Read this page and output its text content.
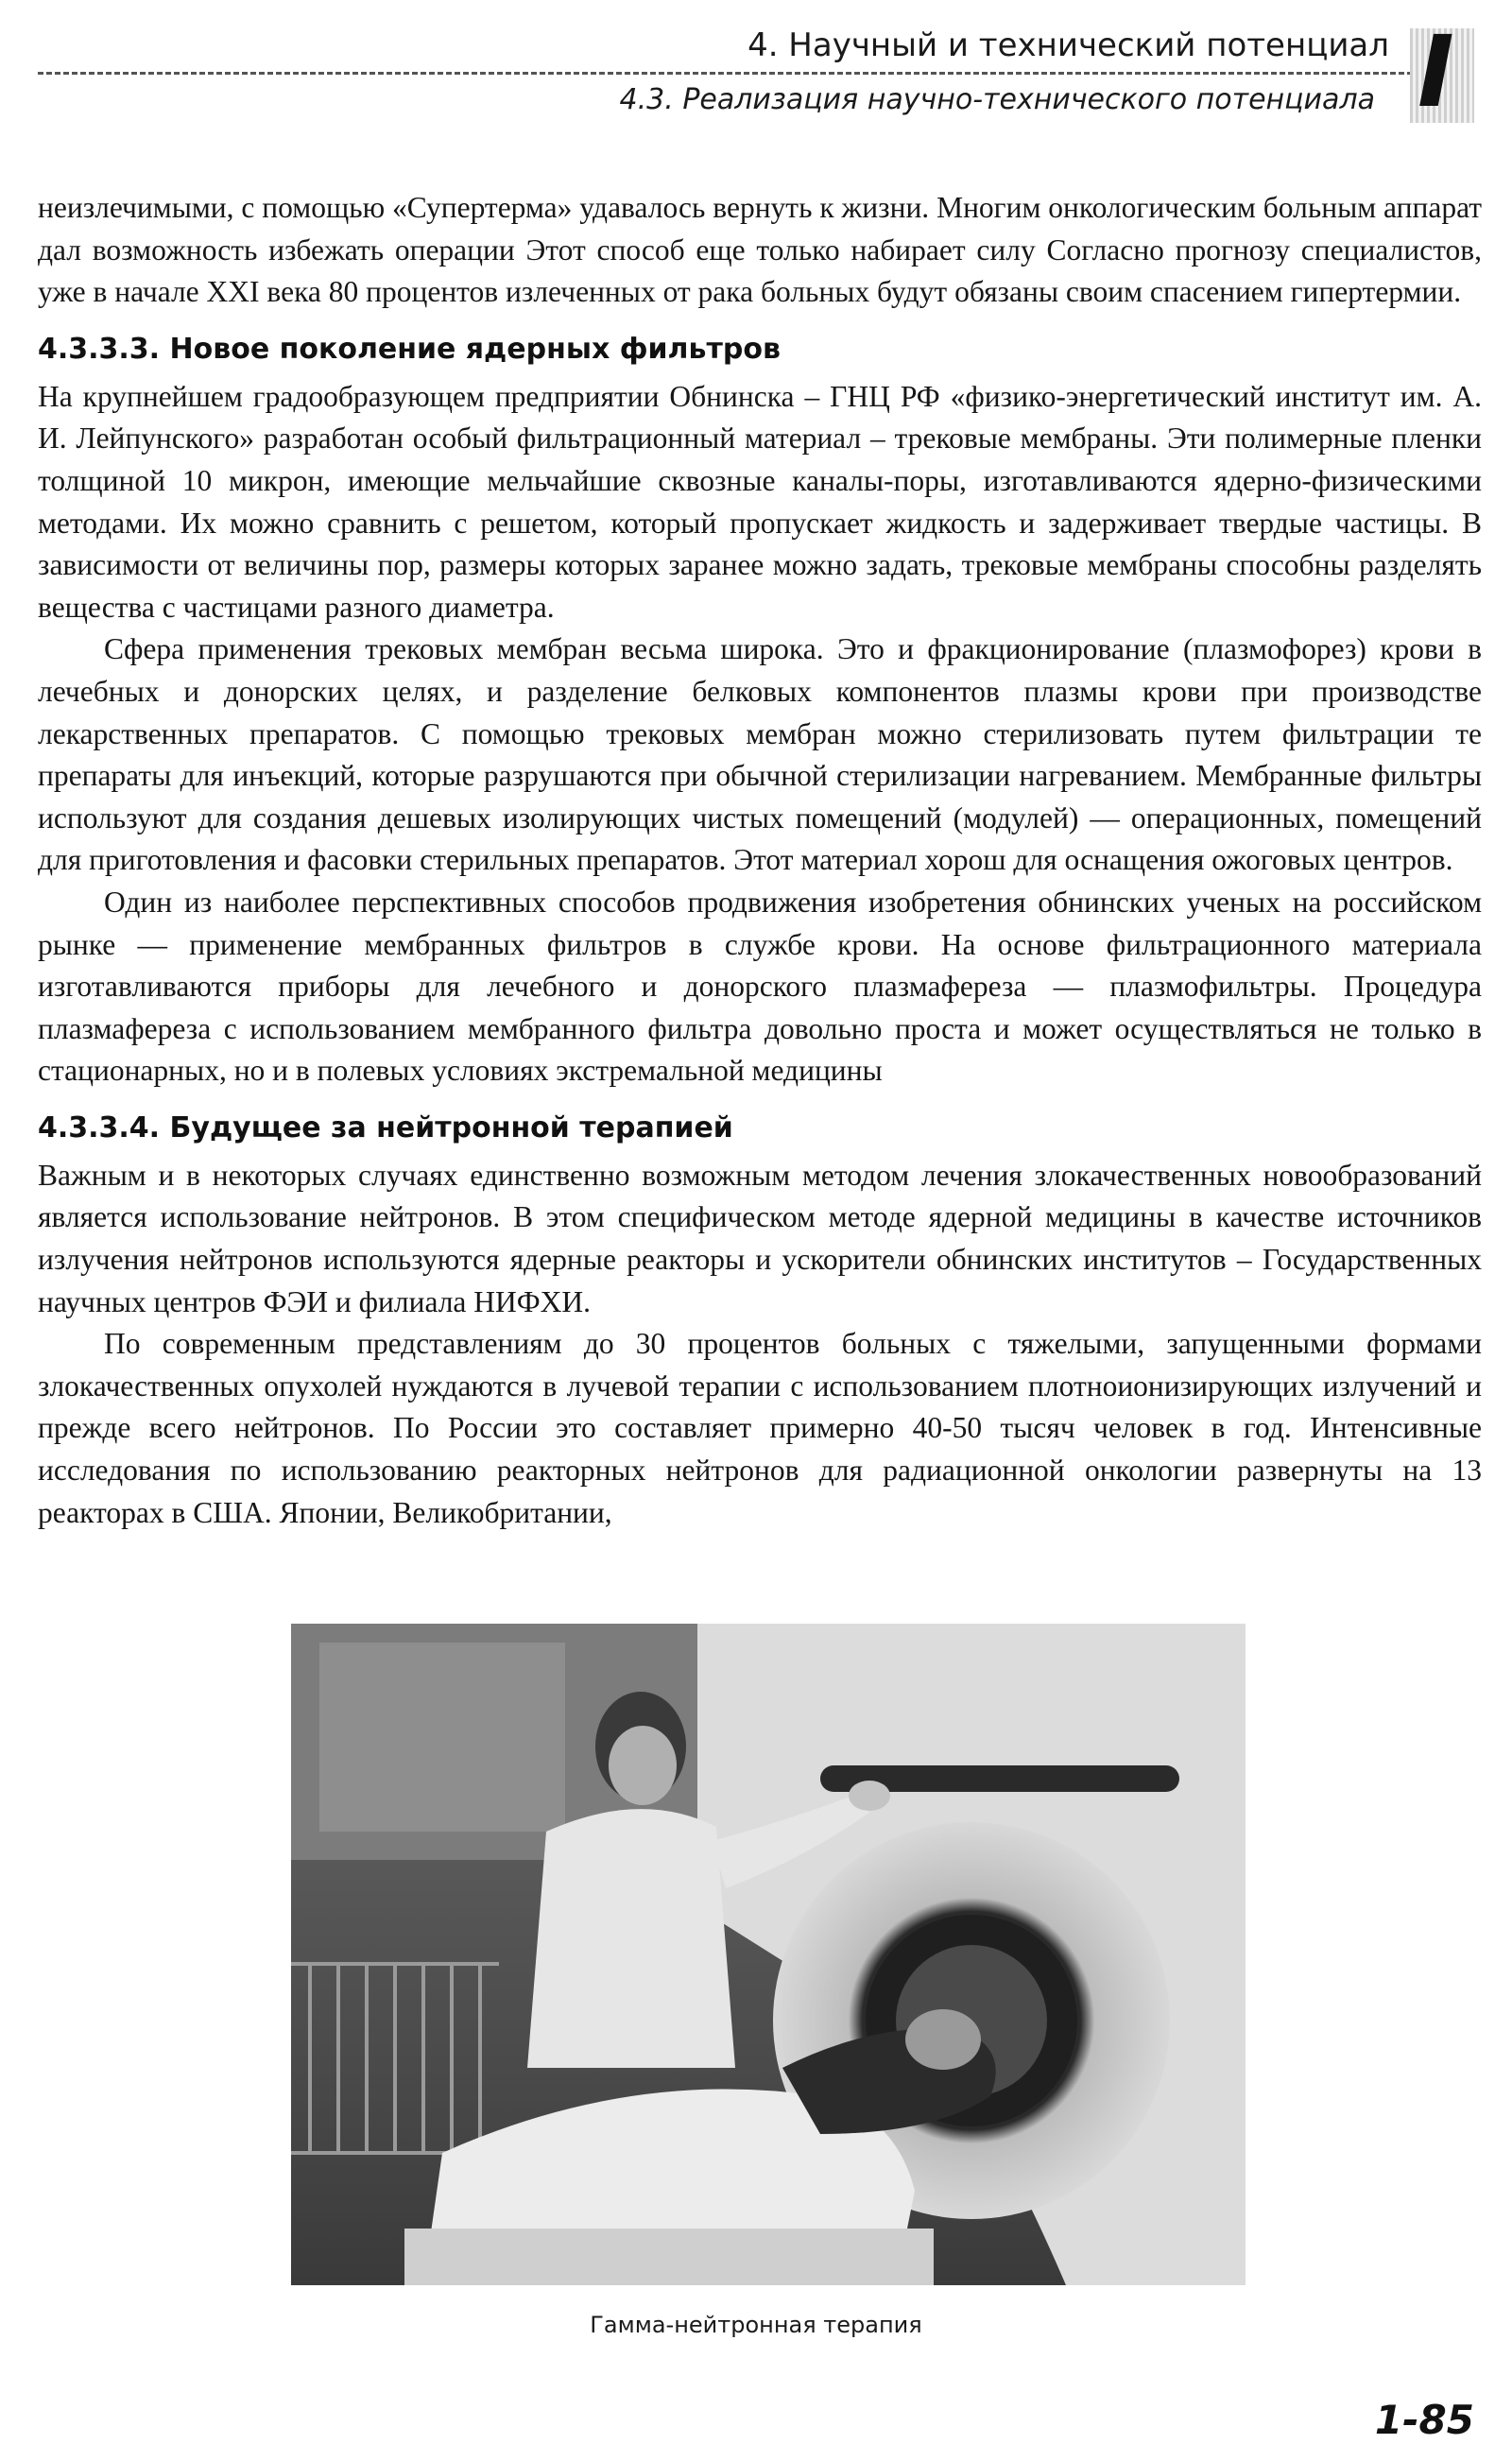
4. Научный и технический потенциал
4.3. Реализация научно-технического потенциала I

неизлечимыми, с помощью «Супертерма» удавалось вернуть к жизни. Многим онкологическим больным аппарат дал возможность избежать операции Этот способ еще только набирает силу Согласно прогнозу специалистов, уже в начале XXI века 80 процентов излеченных от рака больных будут обязаны своим спасением гипертермии.

4.3.3.3. Новое поколение ядерных фильтров

На крупнейшем градообразующем предприятии Обнинска – ГНЦ РФ «физико-энергетический институт им. А. И. Лейпунского» разработан особый фильтрационный материал – трековые мембраны. Эти полимерные пленки толщиной 10 микрон, имеющие мельчайшие сквозные каналы-поры, изготавливаются ядерно-физическими методами. Их можно сравнить с решетом, который пропускает жидкость и задерживает твердые частицы. В зависимости от величины пор, размеры которых заранее можно задать, трековые мембраны способны разделять вещества с частицами разного диаметра.

Сфера применения трековых мембран весьма широка. Это и фракционирование (плазмофорез) крови в лечебных и донорских целях, и разделение белковых компонентов плазмы крови при производстве лекарственных препаратов. С помощью трековых мембран можно стерилизовать путем фильтрации те препараты для инъекций, которые разрушаются при обычной стерилизации нагреванием. Мембранные фильтры используют для создания дешевых изолирующих чистых помещений (модулей) — операционных, помещений для приготовления и фасовки стерильных препаратов. Этот материал хорош для оснащения ожоговых центров.

Один из наиболее перспективных способов продвижения изобретения обнинских ученых на российском рынке — применение мембранных фильтров в службе крови. На основе фильтрационного материала изготавливаются приборы для лечебного и донорского плазмафереза — плазмофильтры. Процедура плазмафереза с использованием мембранного фильтра довольно проста и может осуществляться не только в стационарных, но и в полевых условиях экстремальной медицины

4.3.3.4. Будущее за нейтронной терапией

Важным и в некоторых случаях единственно возможным методом лечения злокачественных новообразований является использование нейтронов. В этом специфическом методе ядерной медицины в качестве источников излучения нейтронов используются ядерные реакторы и ускорители обнинских институтов – Государственных научных центров ФЭИ и филиала НИФХИ.

По современным представлениям до 30 процентов больных с тяжелыми, запущенными формами злокачественных опухолей нуждаются в лучевой терапии с использованием плотноионизирующих излучений и прежде всего нейтронов. По России это составляет примерно 40-50 тысяч человек в год. Интенсивные исследования по использованию реакторных нейтронов для радиационной онкологии развернуты на 13 реакторах в США. Японии, Великобритании,

Гамма-нейтронная терапия
1-85
